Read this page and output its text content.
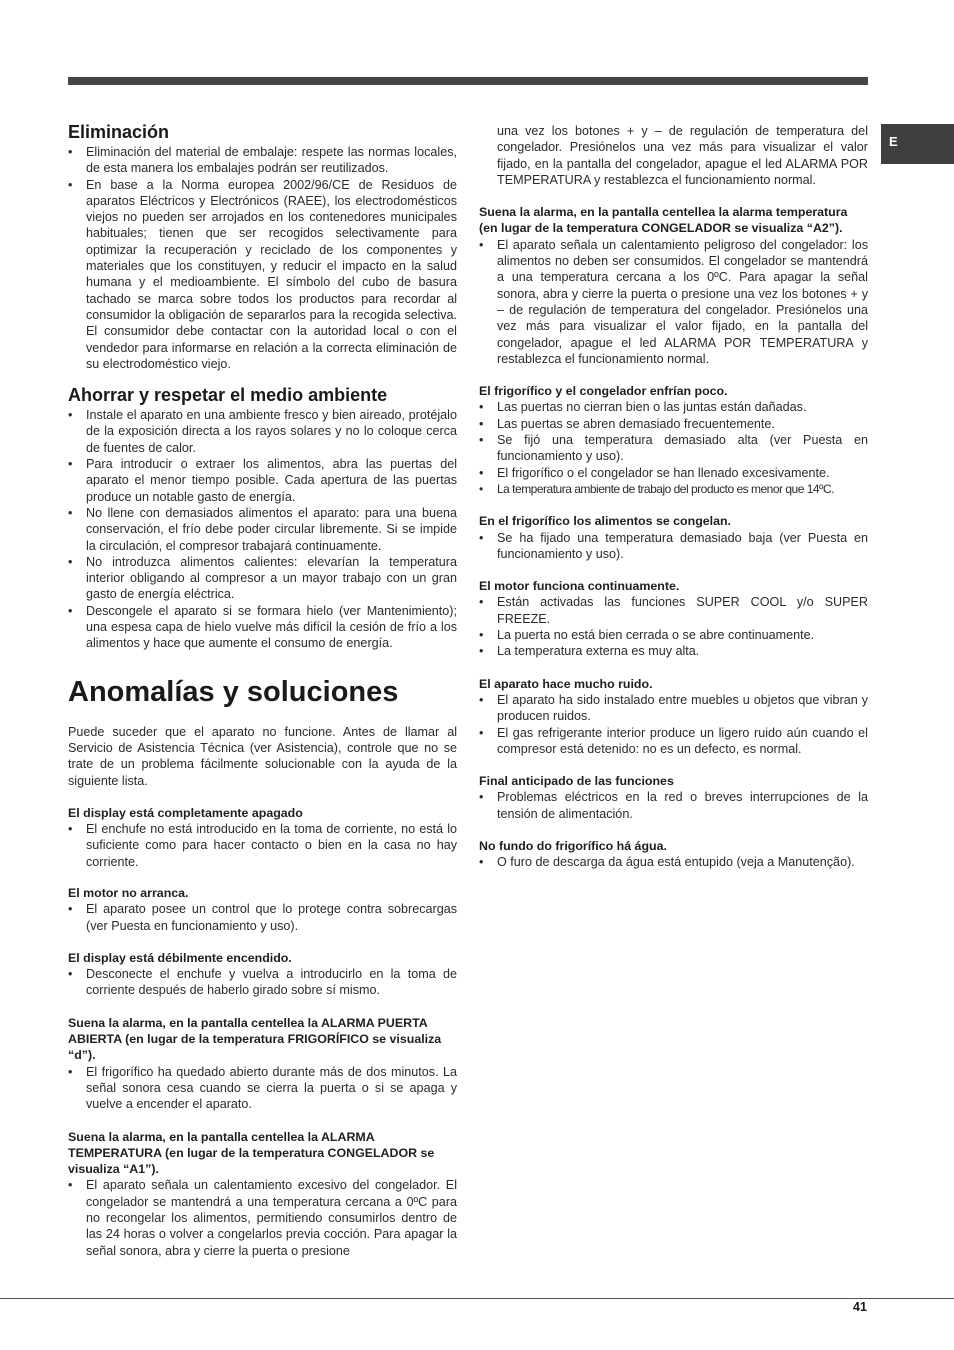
E
Eliminación
• Eliminación del material de embalaje: respete las normas locales, de esta manera los embalajes podrán ser reutilizados.
• En base a la Norma europea 2002/96/CE de Residuos de aparatos Eléctricos y Electrónicos (RAEE), los electrodomésticos viejos no pueden ser arrojados en los contenedores municipales habituales; tienen que ser recogidos selectivamente para optimizar la recuperación y reciclado de los componentes y materiales que los constituyen, y reducir el impacto en la salud humana y el medioambiente. El símbolo del cubo de basura tachado se marca sobre todos los productos para recordar al consumidor la obligación de separarlos para la recogida selectiva. El consumidor debe contactar con la autoridad local o con el vendedor para informarse en relación a la correcta eliminación de su electrodoméstico viejo.
Ahorrar y respetar el medio ambiente
• Instale el aparato en una ambiente fresco y bien aireado, protéjalo de la exposición directa a los rayos solares y no lo coloque cerca de fuentes de calor.
• Para introducir o extraer los alimentos, abra las puertas del aparato el menor tiempo posible. Cada apertura de las puertas produce un notable gasto de energía.
• No llene con demasiados alimentos el aparato: para una buena conservación, el frío debe poder circular libremente. Si se impide la circulación, el compresor trabajará continuamente.
• No introduzca alimentos calientes: elevarían la temperatura interior obligando al compresor a un mayor trabajo con un gran gasto de energía eléctrica.
• Descongele el aparato si se formara hielo (ver Mantenimiento); una espesa capa de hielo vuelve más difícil la cesión de frío a los alimentos y hace que aumente el consumo de energía.
Anomalías y soluciones

Puede suceder que el aparato no funcione. Antes de llamar al Servicio de Asistencia Técnica (ver Asistencia), controle que no se trate de un problema fácilmente solucionable con la ayuda de la siguiente lista.

El display está completamente apagado
• El enchufe no está introducido en la toma de corriente, no está lo suficiente como para hacer contacto o bien en la casa no hay corriente.
El motor no arranca.
• El aparato posee un control que lo protege contra sobrecargas (ver Puesta en funcionamiento y uso).
El display está débilmente encendido.
• Desconecte el enchufe y vuelva a introducirlo en la toma de corriente después de haberlo girado sobre sí mismo.
Suena la alarma, en la pantalla centellea la ALARMA PUERTA ABIERTA (en lugar de la temperatura FRIGORÍFICO se visualiza “d”).
• El frigorífico ha quedado abierto durante más de dos minutos. La señal sonora cesa cuando se cierra la puerta o si se apaga y vuelve a encender el aparato.
Suena la alarma, en la pantalla centellea la ALARMA TEMPERATURA (en lugar de la temperatura CONGELADOR se visualiza “A1”).
• El aparato señala un calentamiento excesivo del congelador. El congelador se mantendrá a una temperatura cercana a 0ºC para no recongelar los alimentos, permitiendo consumirlos dentro de las 24 horas o volver a congelarlos previa cocción. Para apagar la señal sonora, abra y cierre la puerta o presione

una vez los botones + y – de regulación de temperatura del congelador. Presiónelos una vez más para visualizar el valor fijado, en la pantalla del congelador, apague el led ALARMA POR TEMPERATURA y restablezca el funcionamiento normal.

Suena la alarma, en la pantalla centellea la alarma temperatura (en lugar de la temperatura CONGELADOR se visualiza “A2”).
• El aparato señala un calentamiento peligroso del congelador: los alimentos no deben ser consumidos. El congelador se mantendrá a una temperatura cercana a los 0ºC. Para apagar la señal sonora, abra y cierre la puerta o presione una vez los botones + y – de regulación de temperatura del congelador. Presiónelos una vez más para visualizar el valor fijado, en la pantalla del congelador, apague el led ALARMA POR TEMPERATURA y restablezca el funcionamiento normal.
El frigorífico y el congelador enfrían poco.
• Las puertas no cierran bien o las juntas están dañadas.
• Las puertas se abren demasiado frecuentemente.
• Se fijó una temperatura demasiado alta (ver Puesta en funcionamiento y uso).
• El frigorífico o el congelador se han llenado excesivamente.
• La temperatura ambiente de trabajo del producto es menor que 14ºC.
En el frigorífico los alimentos se congelan.
• Se ha fijado una temperatura demasiado baja (ver Puesta en funcionamiento y uso).
El motor funciona continuamente.
• Están activadas las funciones SUPER COOL y/o SUPER FREEZE.
• La puerta no está bien cerrada o se abre continuamente.
• La temperatura externa es muy alta.
El aparato hace mucho ruido.
• El aparato ha sido instalado entre muebles u objetos que vibran y producen ruidos.
• El gas refrigerante interior produce un ligero ruido aún cuando el compresor está detenido: no es un defecto, es normal.
Final anticipado de las funciones
• Problemas eléctricos en la red o breves interrupciones de la tensión de alimentación.
No fundo do frigorífico há água.
• O furo de descarga da água está entupido (veja a Manutenção).
41
